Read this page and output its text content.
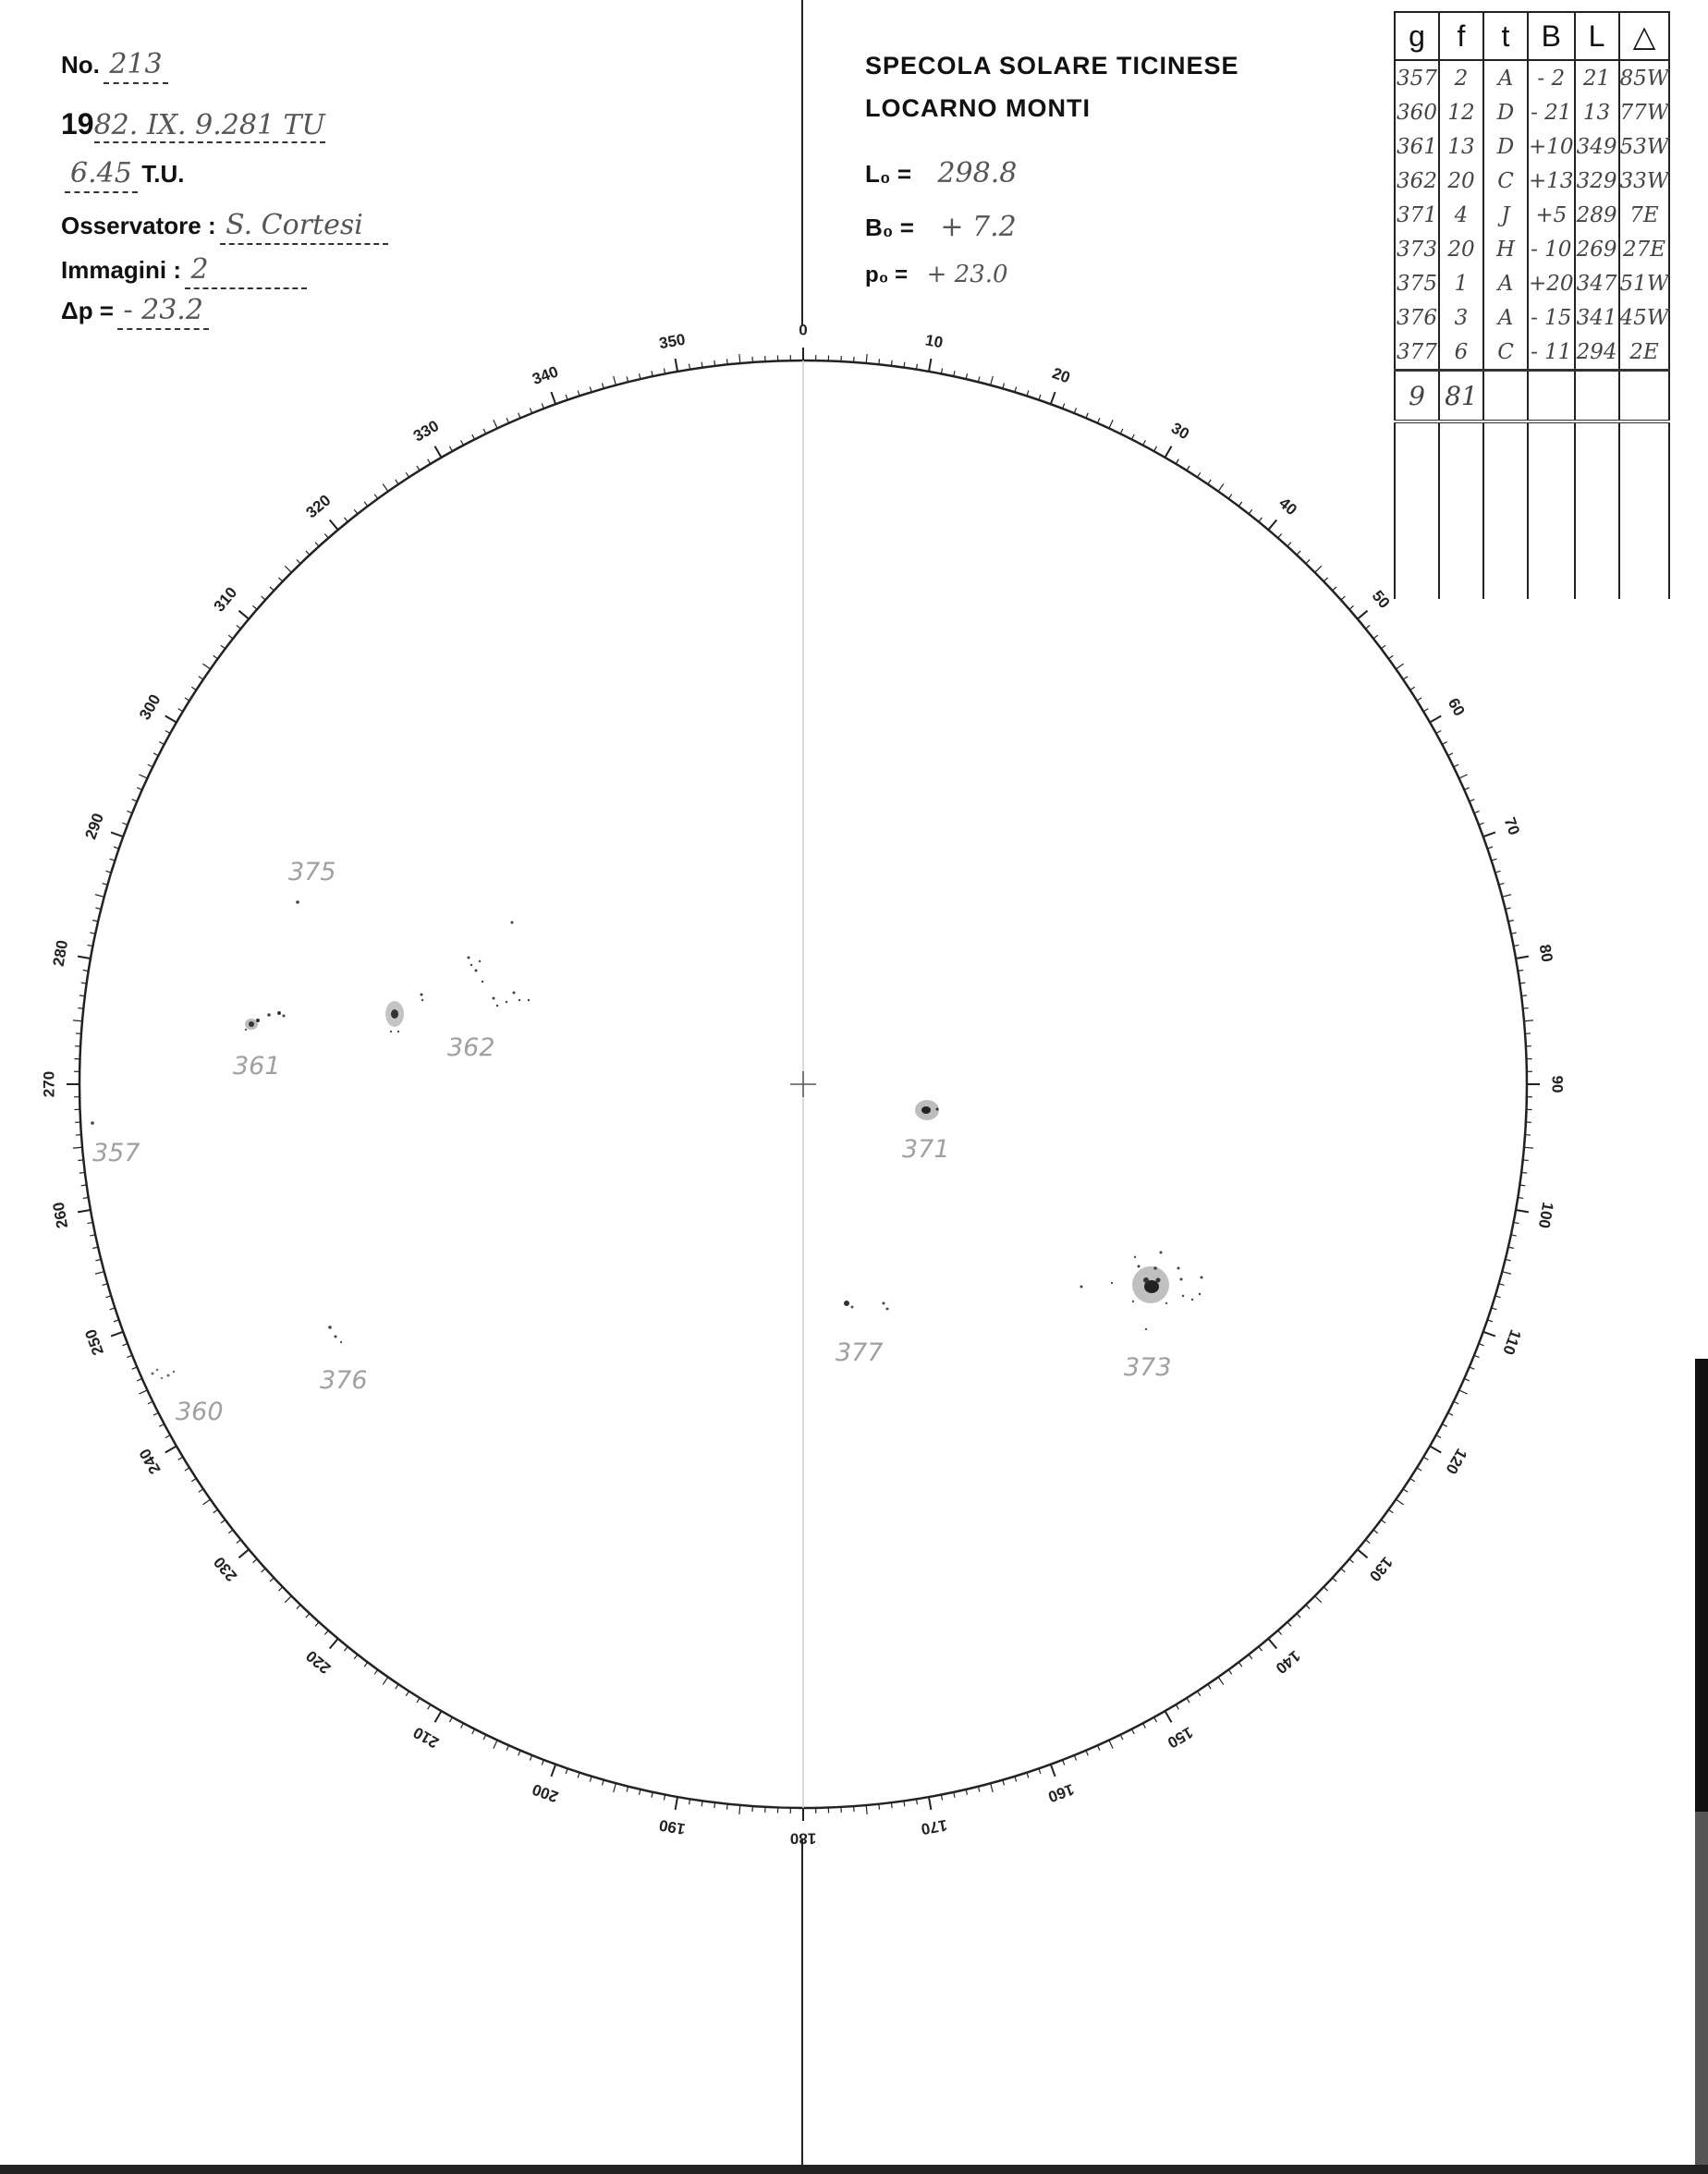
No. 213
1982. IX. 9.281 TU
6.45 T.U.
Osservatore : S. Cortesi
Immagini : 2
Δp = - 23.2
SPECOLA SOLARE TICINESE
LOCARNO MONTI
L₀ = 298.8
B₀ = + 7.2
p₀ = + 23.0
g	f	t	B	L	△
357	2	A	- 2	21	85W
360	12	D	- 21	13	77W
361	13	D	+10	349	53W
362	20	C	+13	329	33W
371	4	J	+5	289	7E
373	20	H	- 10	269	27E
375	1	A	+20	347	51W
376	3	A	- 15	341	45W
377	6	C	- 11	294	2E
9	81				

0
10
20
30
40
50
60
70
80
90
100
110
120
130
140
150
160
170
180
190
200
210
220
230
240
250
260
270
280
290
300
310
320
330
340
350
357
360
361
362
371
373
375
376
377
